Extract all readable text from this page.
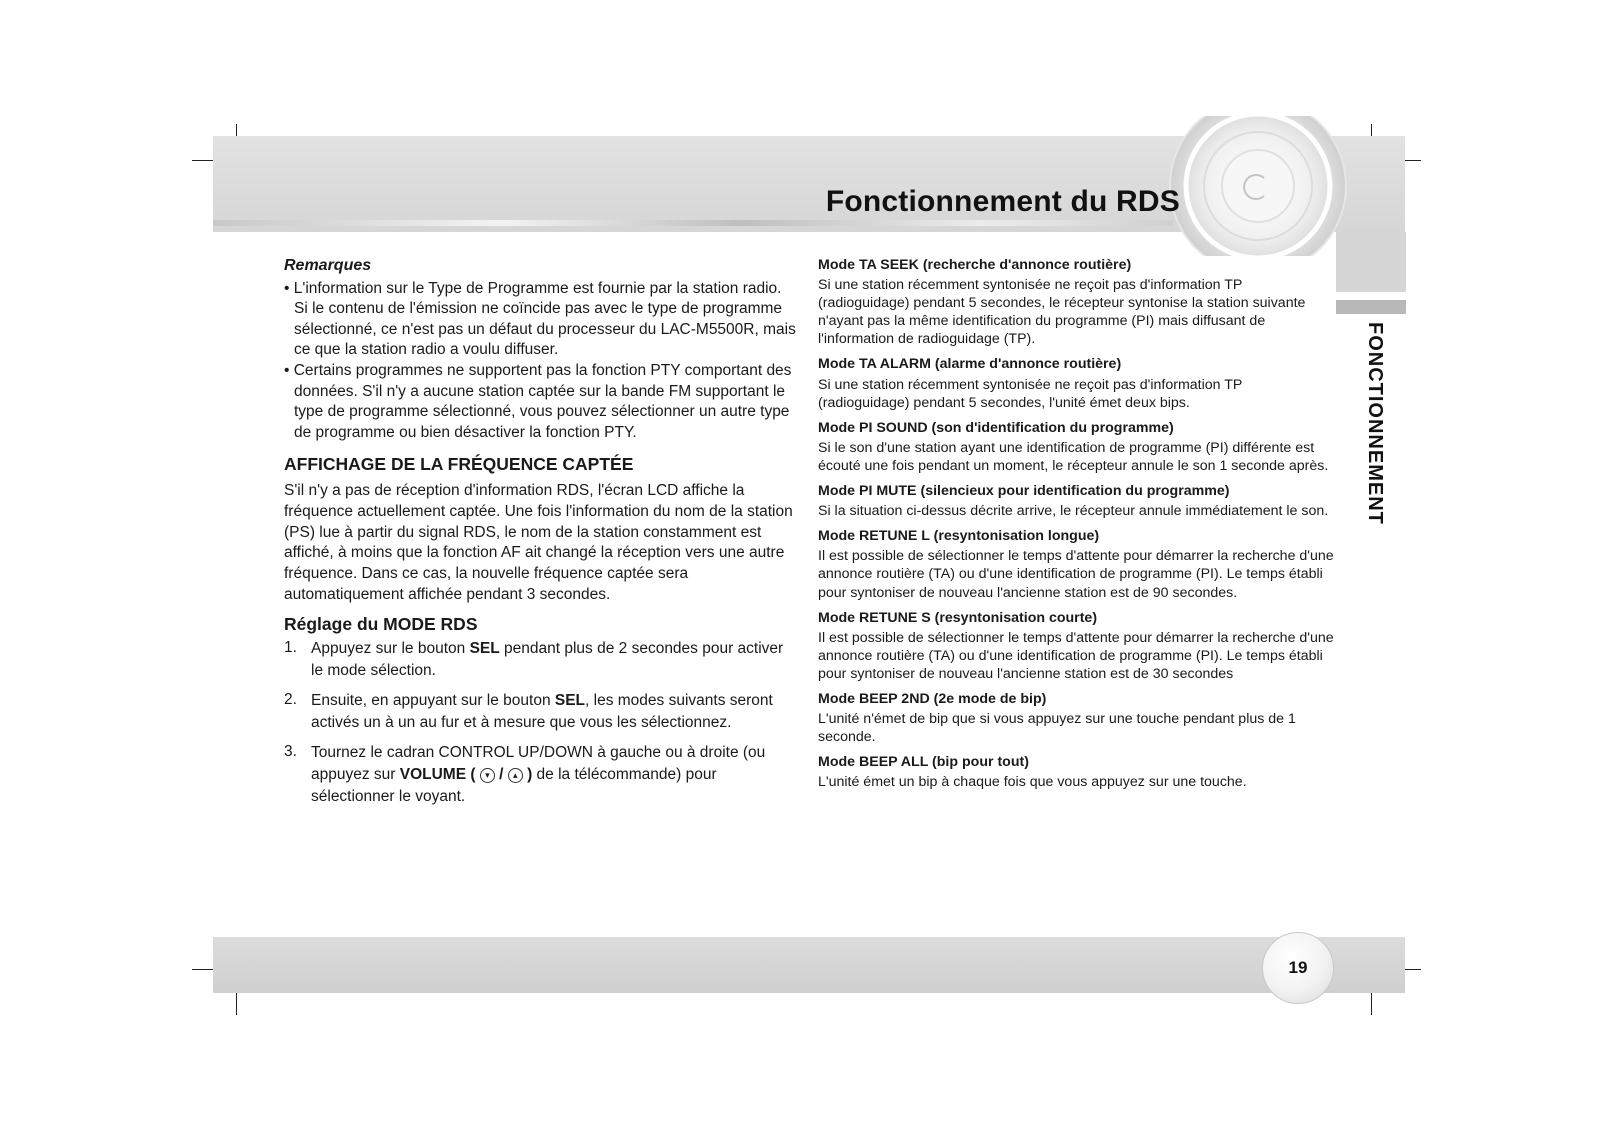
Fonctionnement du RDS
FONCTIONNEMENT

Remarques

• L'information sur le Type de Programme est fournie par la station radio. Si le contenu de l'émission ne coïncide pas avec le type de programme sélectionné, ce n'est pas un défaut du processeur du LAC-M5500R, mais ce que la station radio a voulu diffuser.

• Certains programmes ne supportent pas la fonction PTY comportant des données. S'il n'y a aucune station captée sur la bande FM supportant le type de programme sélectionné, vous pouvez sélectionner un autre type de programme ou bien désactiver la fonction PTY.

AFFICHAGE DE LA FRÉQUENCE CAPTÉE

S'il n'y a pas de réception d'information RDS, l'écran LCD affiche la fréquence actuellement captée. Une fois l'information du nom de la station (PS) lue à partir du signal RDS, le nom de la station constamment est affiché, à moins que la fonction AF ait changé la réception vers une autre fréquence. Dans ce cas, la nouvelle fréquence captée sera automatiquement affichée pendant 3 secondes.

Réglage du MODE RDS

1. Appuyez sur le bouton SEL pendant plus de 2 secondes pour activer le mode sélection.
2. Ensuite, en appuyant sur le bouton SEL, les modes suivants seront activés un à un au fur et à mesure que vous les sélectionnez.
3. Tournez le cadran CONTROL UP/DOWN à gauche ou à droite (ou appuyez sur VOLUME ( ▾ / ▴ ) de la télécommande) pour sélectionner le voyant.

Mode TA SEEK (recherche d'annonce routière)

Si une station récemment syntonisée ne reçoit pas d'information TP (radioguidage) pendant 5 secondes, le récepteur syntonise la station suivante n'ayant pas la même identification du programme (PI) mais diffusant de l'information de radioguidage (TP).

Mode TA ALARM (alarme d'annonce routière)

Si une station récemment syntonisée ne reçoit pas d'information TP (radioguidage) pendant 5 secondes, l'unité émet deux bips.

Mode PI SOUND (son d'identification du programme)

Si le son d'une station ayant une identification de programme (PI) différente est écouté une fois pendant un moment, le récepteur annule le son 1 seconde après.

Mode PI MUTE (silencieux pour identification du programme)

Si la situation ci-dessus décrite arrive, le récepteur annule immédiatement le son.

Mode RETUNE L (resyntonisation longue)

Il est possible de sélectionner le temps d'attente pour démarrer la recherche d'une annonce routière (TA) ou d'une identification de programme (PI). Le temps établi pour syntoniser de nouveau l'ancienne station est de 90 secondes.

Mode RETUNE S (resyntonisation courte)

Il est possible de sélectionner le temps d'attente pour démarrer la recherche d'une annonce routière (TA) ou d'une identification de programme (PI). Le temps établi pour syntoniser de nouveau l'ancienne station est de 30 secondes

Mode BEEP 2ND (2e mode de bip)

L'unité n'émet de bip que si vous appuyez sur une touche pendant plus de 1 seconde.

Mode BEEP ALL (bip pour tout)

L'unité émet un bip à chaque fois que vous appuyez sur une touche.

19
